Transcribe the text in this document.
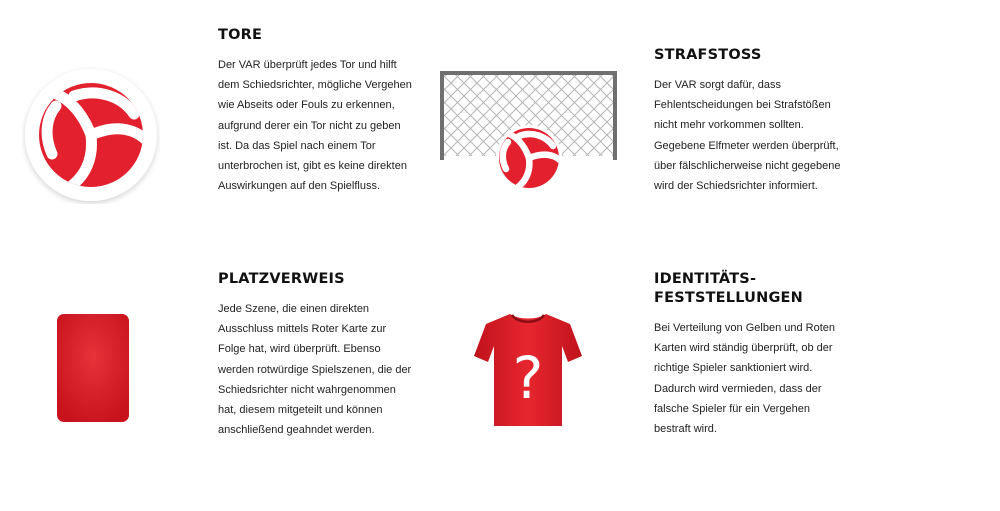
?
TORE

Der VAR überprüft jedes Tor und hilft dem Schiedsrichter, mögliche Vergehen wie Abseits oder Fouls zu erkennen, aufgrund derer ein Tor nicht zu geben ist. Da das Spiel nach einem Tor unterbrochen ist, gibt es keine direkten Auswirkungen auf den Spielfluss.

STRAFSTOSS

Der VAR sorgt dafür, dass Fehlentscheidungen bei Strafstößen nicht mehr vorkommen sollten. Gegebene Elfmeter werden überprüft, über fälschlicherweise nicht gegebene wird der Schiedsrichter informiert.

PLATZVERWEIS

Jede Szene, die einen direkten Ausschluss mittels Roter Karte zur Folge hat, wird überprüft. Ebenso werden rotwürdige Spielszenen, die der Schiedsrichter nicht wahrgenommen hat, diesem mitgeteilt und können anschließend geahndet werden.

IDENTITÄTS-
FESTSTELLUNGEN

Bei Verteilung von Gelben und Roten Karten wird ständig überprüft, ob der richtige Spieler sanktioniert wird. Dadurch wird vermieden, dass der falsche Spieler für ein Vergehen bestraft wird.
